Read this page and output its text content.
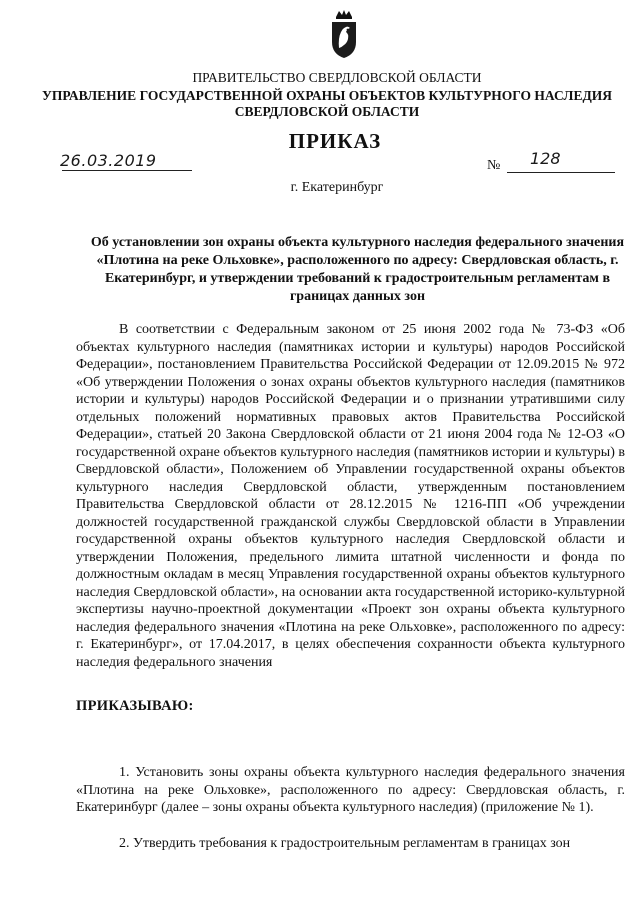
ПРАВИТЕЛЬСТВО СВЕРДЛОВСКОЙ ОБЛАСТИ
УПРАВЛЕНИЕ ГОСУДАРСТВЕННОЙ ОХРАНЫ ОБЪЕКТОВ КУЛЬТУРНОГО НАСЛЕДИЯ СВЕРДЛОВСКОЙ ОБЛАСТИ
ПРИКАЗ
26.03.2019	№ 128
г. Екатеринбург
Об установлении зон охраны объекта культурного наследия федерального значения «Плотина на реке Ольховке», расположенного по адресу: Свердловская область, г. Екатеринбург, и утверждении требований к градостроительным регламентам в границах данных зон

В соответствии с Федеральным законом от 25 июня 2002 года № 73-ФЗ «Об объектах культурного наследия (памятниках истории и культуры) народов Российской Федерации», постановлением Правительства Российской Федерации от 12.09.2015 № 972 «Об утверждении Положения о зонах охраны объектов культурного наследия (памятников истории и культуры) народов Российской Федерации и о признании утратившими силу отдельных положений нормативных правовых актов Правительства Российской Федерации», статьей 20 Закона Свердловской области от 21 июня 2004 года № 12-ОЗ «О государственной охране объектов культурного наследия (памятников истории и культуры) в Свердловской области», Положением об Управлении государственной охраны объектов культурного наследия Свердловской области, утвержденным постановлением Правительства Свердловской области от 28.12.2015 № 1216-ПП «Об учреждении должностей государственной гражданской службы Свердловской области в Управлении государственной охраны объектов культурного наследия Свердловской области и утверждении Положения, предельного лимита штатной численности и фонда по должностным окладам в месяц Управления государственной охраны объектов культурного наследия Свердловской области», на основании акта государственной историко-культурной экспертизы научно-проектной документации «Проект зон охраны объекта культурного наследия федерального значения «Плотина на реке Ольховке», расположенного по адресу: г. Екатеринбург», от 17.04.2017, в целях обеспечения сохранности объекта культурного наследия федерального значения

ПРИКАЗЫВАЮ:

1. Установить зоны охраны объекта культурного наследия федерального значения «Плотина на реке Ольховке», расположенного по адресу: Свердловская область, г. Екатеринбург (далее – зоны охраны объекта культурного наследия) (приложение № 1).

2. Утвердить требования к градостроительным регламентам в границах зон
